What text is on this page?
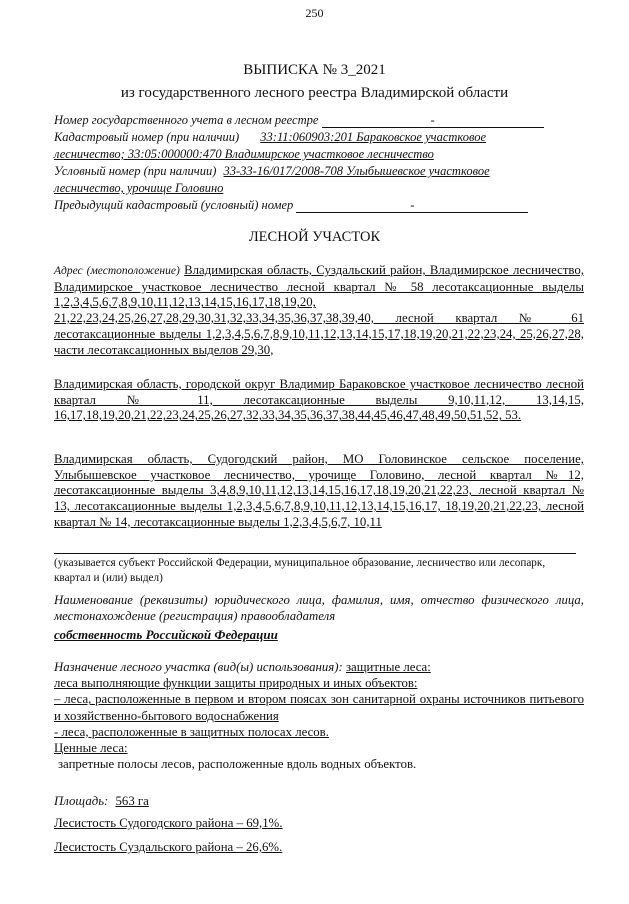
250
ВЫПИСКА № 3_2021
из государственного лесного реестра Владимирской области
Номер государственного учета в лесном реестре	-
Кадастровый номер (при наличии) 33:11:060903:201 Бараковское участковое
лесничество; 33:05:000000:470 Владимирское участковое лесничество
Условный номер (при наличии) 33-33-16/017/2008-708 Улыбышевское участковое
лесничество, урочище Головино
Предыдущий кадастровый (условный) номер	-
ЛЕСНОЙ УЧАСТОК
Адрес (местоположение) Владимирская область, Суздальский район, Владимирское лесничество, Владимирское участковое лесничество лесной квартал № 58 лесотаксационные выделы 1,2,3,4,5,6,7,8,9,10,11,12,13,14,15,16,17,18,19,20, 21,22,23,24,25,26,27,28,29,30,31,32,33,34,35,36,37,38,39,40, лесной квартал № 61 лесотаксационные выделы 1,2,3,4,5,6,7,8,9,10,11,12,13,14,15,17,18,19,20,21,22,23,24, 25,26,27,28, части лесотаксационных выделов 29,30,
Владимирская область, городской округ Владимир Бараковское участковое лесничество лесной квартал № 11, лесотаксационные выделы 9,10,11,12, 13,14,15, 16,17,18,19,20,21,22,23,24,25,26,27,32,33,34,35,36,37,38,44,45,46,47,48,49,50,51,52, 53.
Владимирская область, Судогодский район, МО Головинское сельское поселение, Улыбышевское участковое лесничество, урочище Головино, лесной квартал №12, лесотаксационные выделы 3,4,8,9,10,11,12,13,14,15,16,17,18,19,20,21,22,23, лесной квартал № 13, лесотаксационные выделы 1,2,3,4,5,6,7,8,9,10,11,12,13,14,15,16,17, 18,19,20,21,22,23, лесной квартал № 14, лесотаксационные выделы 1,2,3,4,5,6,7, 10,11
(указывается субъект Российской Федерации, муниципальное образование, лесничество или лесопарк, квартал и (или) выдел)
Наименование (реквизиты) юридического лица, фамилия, имя, отчество физического лица, местонахождение (регистрация) правообладателя
собственность Российской Федерации
Назначение лесного участка (вид(ы) использования): защитные леса:
леса выполняющие функции защиты природных и иных объектов:
– леса, расположенные в первом и втором поясах зон санитарной охраны источников питьевого и хозяйственно-бытового водоснабжения
- леса, расположенные в защитных полосах лесов.
Ценные леса:
запретные полосы лесов, расположенные вдоль водных объектов.
Площадь: 563 га
Лесистость Судогодского района – 69,1%.
Лесистость Суздальского района – 26,6%.
